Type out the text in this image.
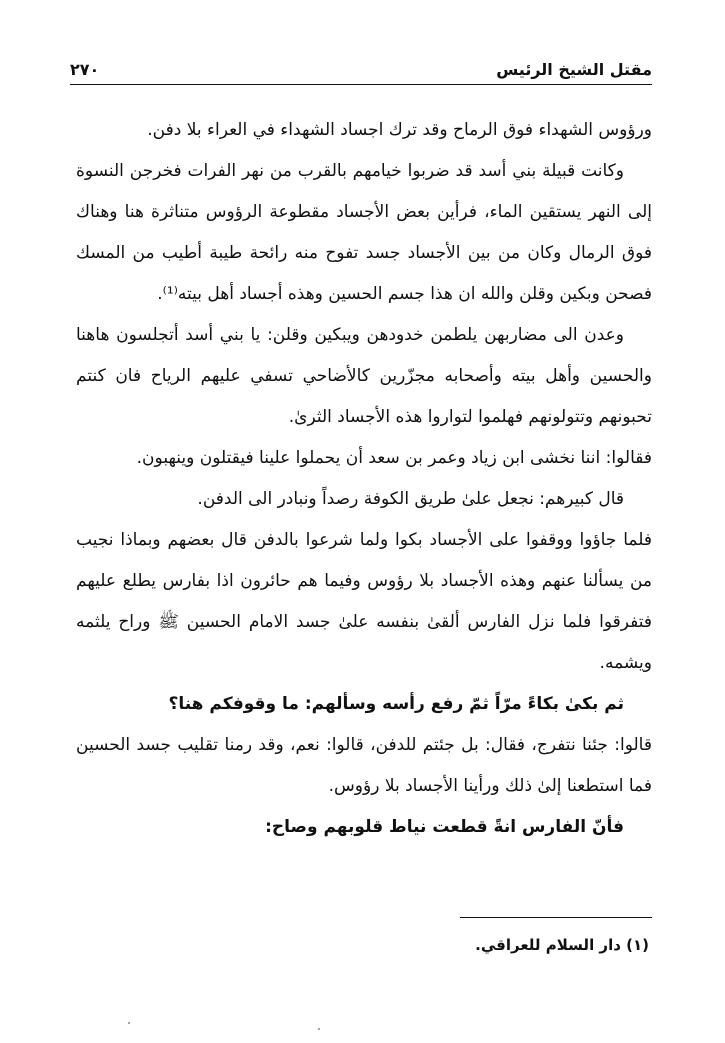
مقتل الشيخ الرئيس
٢٧٠

ورؤوس الشهداء فوق الرماح وقد ترك اجساد الشهداء في العراء بلا دفن.

وكانت قبيلة بني أسد قد ضربوا خيامهم بالقرب من نهر الفرات فخرجن النسوة إلى النهر يستقين الماء، فرأين بعض الأجساد مقطوعة الرؤوس متناثرة هنا وهناك فوق الرمال وكان من بين الأجساد جسد تفوح منه رائحة طيبة أطيب من المسك فصحن وبكين وقلن والله ان هذا جسم الحسين وهذه أجساد أهل بيته⁽¹⁾.

وعدن الى مضاربهن يلطمن خدودهن ويبكين وقلن: يا بني أسد أتجلسون هاهنا والحسين وأهل بيته وأصحابه مجزّرين كالأضاحي تسفي عليهم الرياح فان كنتم تحبونهم وتتولونهم فهلموا لتواروا هذه الأجساد الثرىٰ.

فقالوا: اننا نخشى ابن زياد وعمر بن سعد أن يحملوا علينا فيقتلون وينهبون.

قال كبيرهم: نجعل علىٰ طريق الكوفة رصداً ونبادر الى الدفن.

فلما جاؤوا ووقفوا على الأجساد بكوا ولما شرعوا بالدفن قال بعضهم وبماذا نجيب من يسألنا عنهم وهذه الأجساد بلا رؤوس وفيما هم حائرون اذا بفارس يطلع عليهم فتفرقوا فلما نزل الفارس ألقىٰ بنفسه علىٰ جسد الامام الحسين ﷺ وراح يلثمه ويشمه.

ثم بكىٰ بكاءً مرّاً ثمّ رفع رأسه وسألهم: ما وقوفكم هنا؟

قالوا: جئنا نتفرج، فقال: بل جئتم للدفن، قالوا: نعم، وقد رمنا تقليب جسد الحسين فما استطعنا إلىٰ ذلك ورأينا الأجساد بلا رؤوس.

فأنّ الفارس انةً قطعت نياط قلوبهم وصاح:

(١) دار السلام للعراقي.
